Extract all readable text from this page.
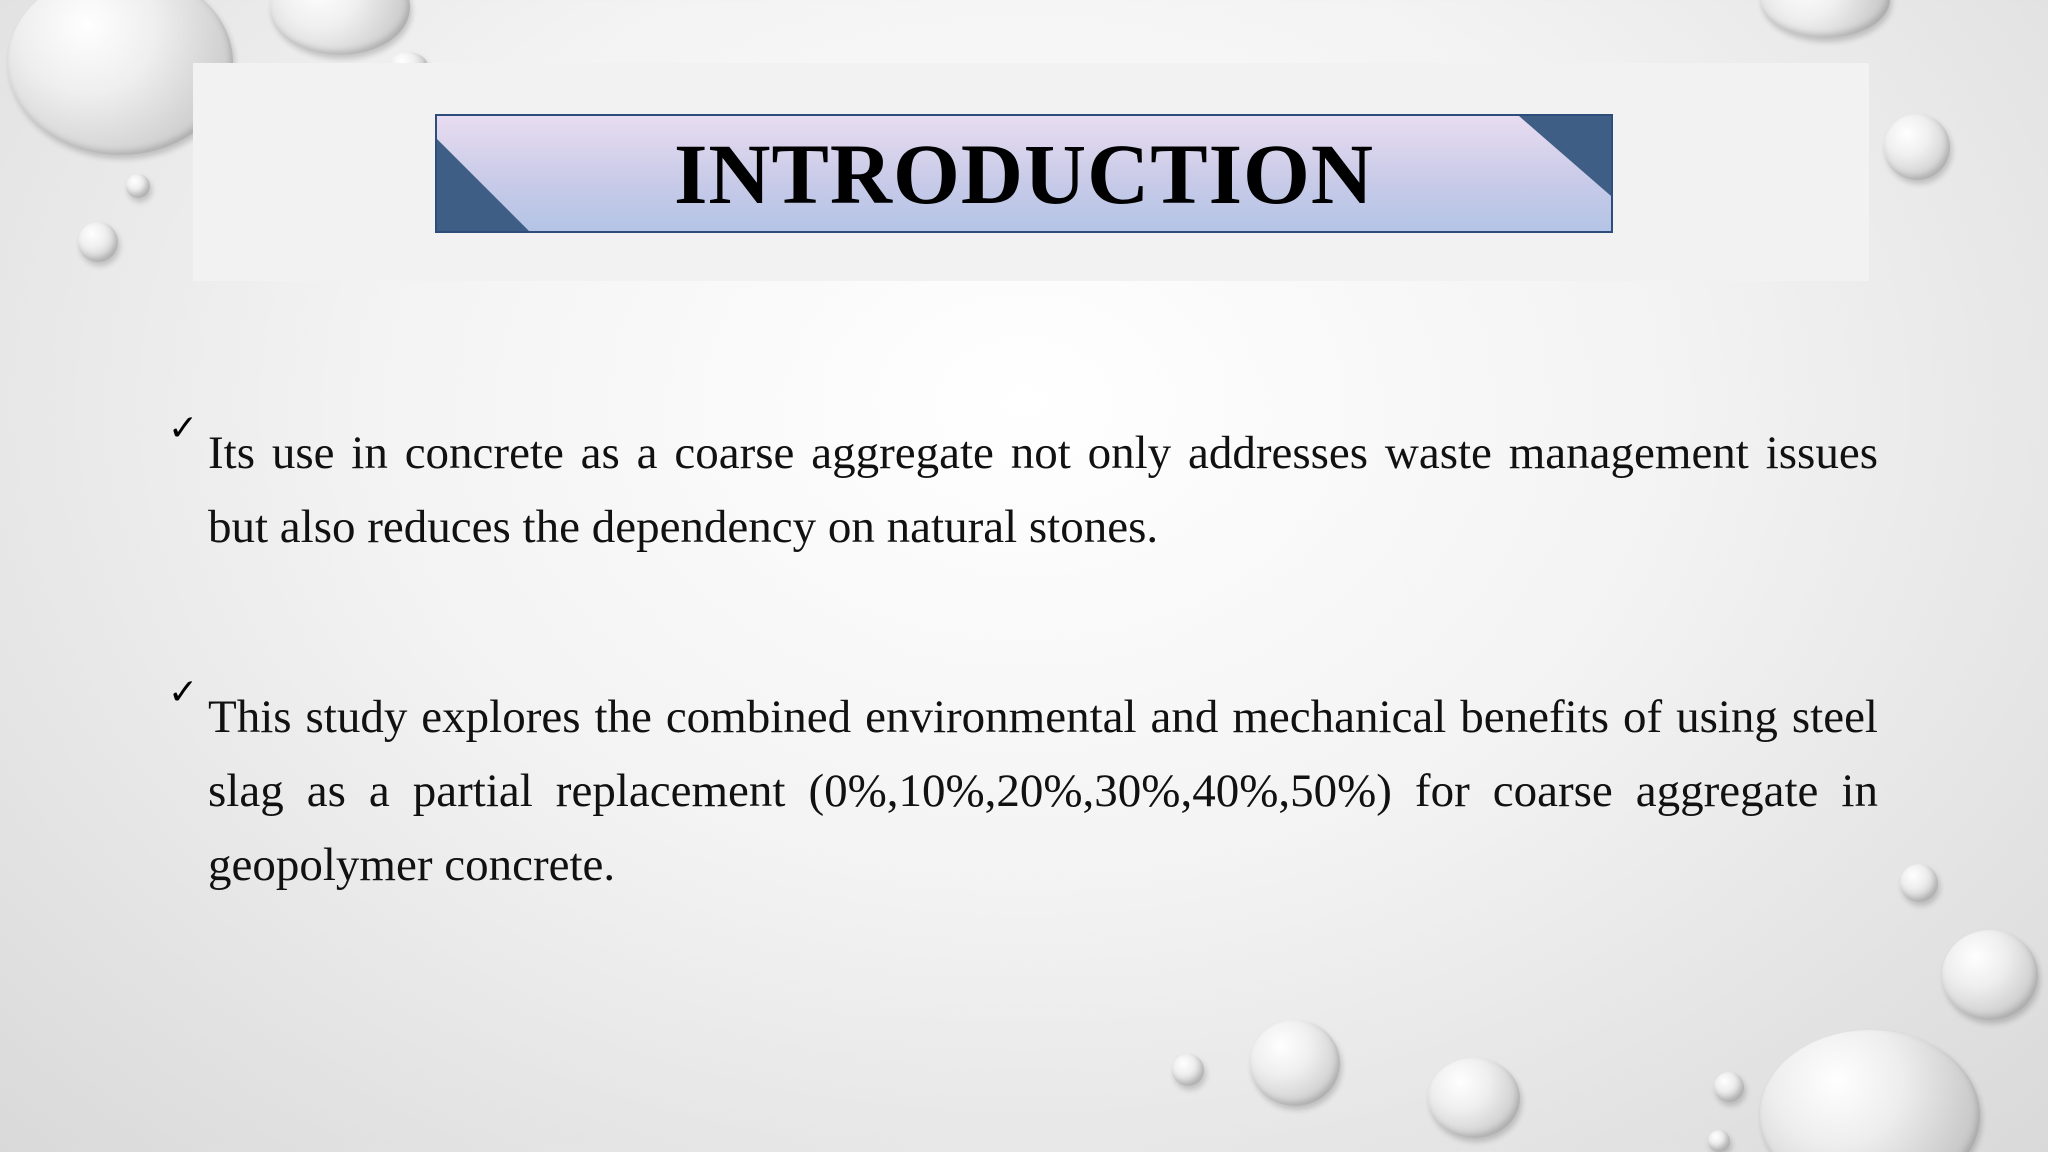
INTRODUCTION
✓ Its use in concrete as a coarse aggregate not only addresses waste management issues but also reduces the dependency on natural stones.
✓ This study explores the combined environmental and mechanical benefits of using steel slag as a partial replacement (0%,10%,20%,30%,40%,50%) for coarse aggregate in geopolymer concrete.
